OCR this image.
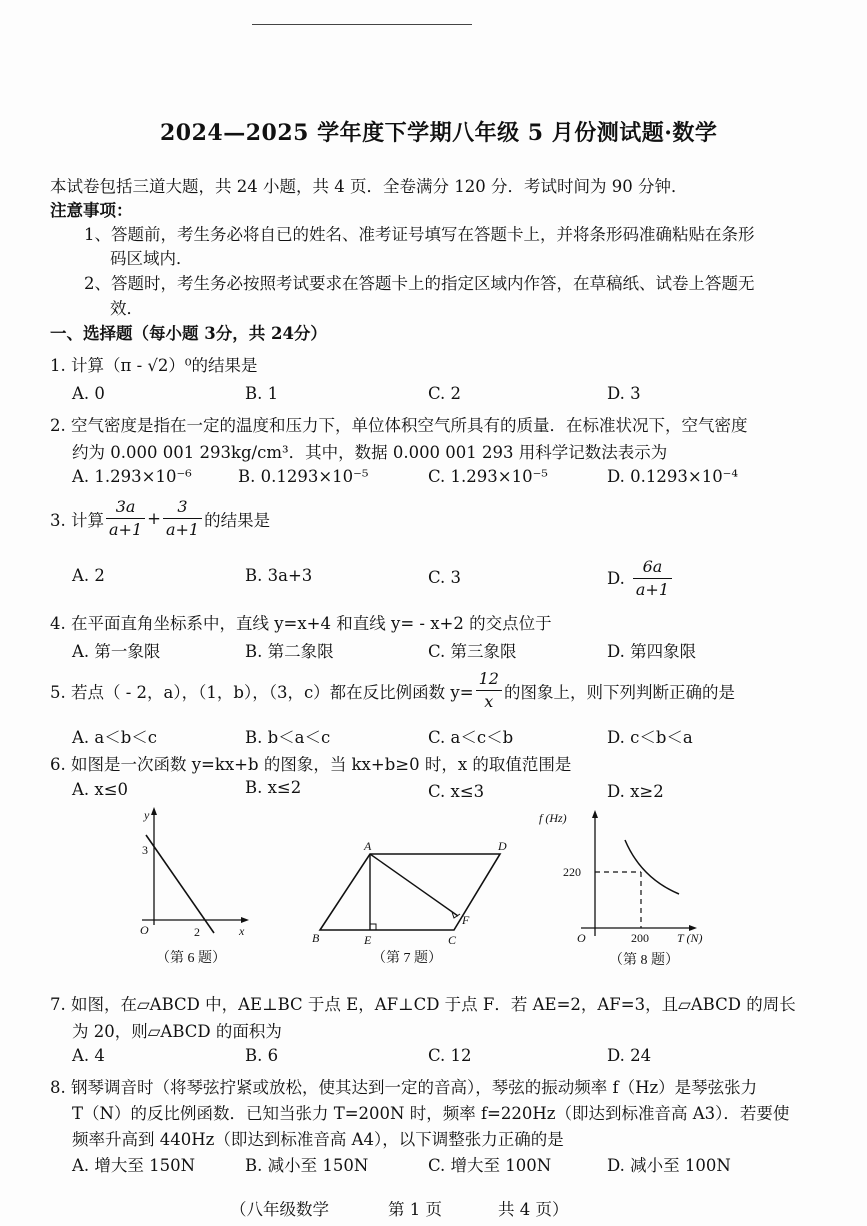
2024—2025 学年度下学期八年级 5 月份测试题·数学
本试卷包括三道大题，共 24 小题，共 4 页．全卷满分 120 分．考试时间为 90 分钟．
注意事项：
1、答题前，考生务必将自已的姓名、准考证号填写在答题卡上，并将条形码准确粘贴在条形
码区域内．
2、答题时，考生务必按照考试要求在答题卡上的指定区域内作答，在草稿纸、试卷上答题无
效．
一、选择题（每小题 3分，共 24分）
1. 计算（π - √2）⁰的结果是
A. 0	B. 1	C. 2	D. 3
2. 空气密度是指在一定的温度和压力下，单位体积空气所具有的质量．在标准状况下，空气密度
约为 0.000 001 293kg/cm³．其中，数据 0.000 001 293 用科学记数法表示为
A. 1.293×10⁻⁶	B. 0.1293×10⁻⁵	C. 1.293×10⁻⁵	D. 0.1293×10⁻⁴
3. 计算 $\frac{3a}{a+1} + \frac{3}{a+1}$ 的结果是
A. 2	B. 3a+3	C. 3	D. $\frac{6a}{a+1}$
4. 在平面直角坐标系中，直线 y=x+4 和直线 y= - x+2 的交点位于
A. 第一象限	B. 第二象限	C. 第三象限	D. 第四象限
5. 若点（ - 2，a），（1，b），（3，c）都在反比例函数 $y= \frac{12}{x}$ 的图象上，则下列判断正确的是
A. a＜b＜c	B. b＜a＜c	C. a＜c＜b	D. c＜b＜a
6. 如图是一次函数 y=kx+b 的图象，当 kx+b≥0 时，x 的取值范围是
A. x≤0	B. x≤2	C. x≤3	D. x≥2
y
x
O
3
2
（第 6 题）
A	D
B	E	C
F
（第 7 题）
f (Hz)
T (N)
O
220
200
（第 8 题）
7. 如图，在▱ABCD 中，AE⊥BC 于点 E，AF⊥CD 于点 F．若 AE=2，AF=3，且▱ABCD 的周长
为 20，则▱ABCD 的面积为
A. 4	B. 6	C. 12	D. 24
8. 钢琴调音时（将琴弦拧紧或放松，使其达到一定的音高），琴弦的振动频率 f（Hz）是琴弦张力
T（N）的反比例函数．已知当张力 T=200N 时，频率 f=220Hz（即达到标准音高 A3）．若要使
频率升高到 440Hz（即达到标准音高 A4），以下调整张力正确的是
A. 增大至 150N	B. 减小至 150N	C. 增大至 100N	D. 减小至 100N
（八年级数学	第 1 页	共 4 页）
